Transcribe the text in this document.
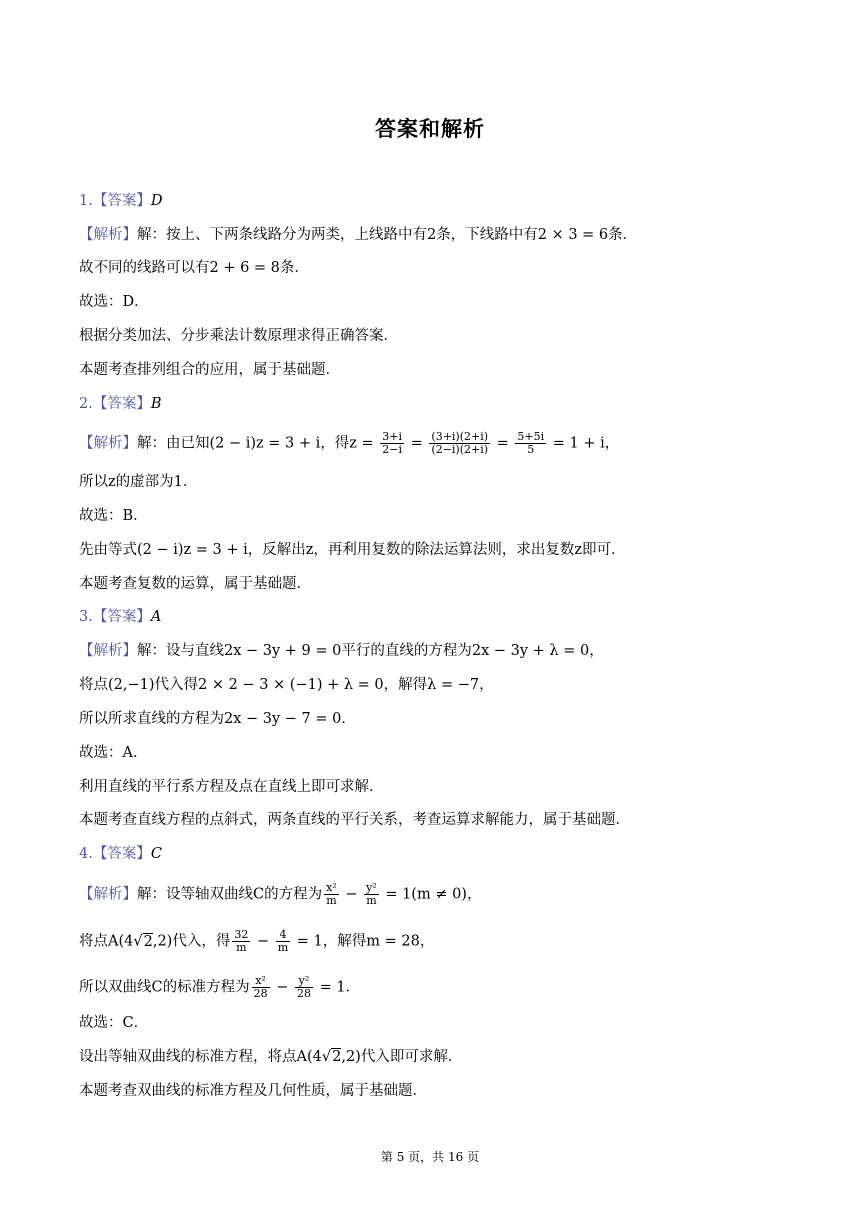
答案和解析
1.【答案】D
【解析】解：按上、下两条线路分为两类，上线路中有2条，下线路中有2 × 3 = 6条．
故不同的线路可以有2 + 6 = 8条．
故选：D．
根据分类加法、分步乘法计数原理求得正确答案．
本题考查排列组合的应用，属于基础题．
2.【答案】B
【解析】解：由已知(2 − i)z = 3 + i，得$z = \frac{3+i}{2-i} = \frac{(3+i)(2+i)}{(2-i)(2+i)} = \frac{5+5i}{5} = 1 + i$，
所以z的虚部为1．
故选：B．
先由等式(2 − i)z = 3 + i，反解出z，再利用复数的除法运算法则，求出复数z即可．
本题考查复数的运算，属于基础题．
3.【答案】A
【解析】解：设与直线2x − 3y + 9 = 0平行的直线的方程为2x − 3y + λ = 0，
将点(2,−1)代入得2 × 2 − 3 × (−1) + λ = 0，解得λ = −7，
所以所求直线的方程为2x − 3y − 7 = 0．
故选：A．
利用直线的平行系方程及点在直线上即可求解．
本题考查直线方程的点斜式，两条直线的平行关系，考查运算求解能力，属于基础题．
4.【答案】C
【解析】解：设等轴双曲线C的方程为 $\frac{\text{x²}}{m} - \frac{\text{y²}}{m} = 1(m \ne 0)$，
将点A(4√2,2)代入，得 $\frac{32}{m} - \frac{4}{m} = 1$，解得m = 28，
所以双曲线C的标准方程为 $\frac{\text{x²}}{28} - \frac{\text{y²}}{28} = 1$．
故选：C．
设出等轴双曲线的标准方程，将点A(4√2,2)代入即可求解．
本题考查双曲线的标准方程及几何性质，属于基础题．
第 5 页，共 16 页
